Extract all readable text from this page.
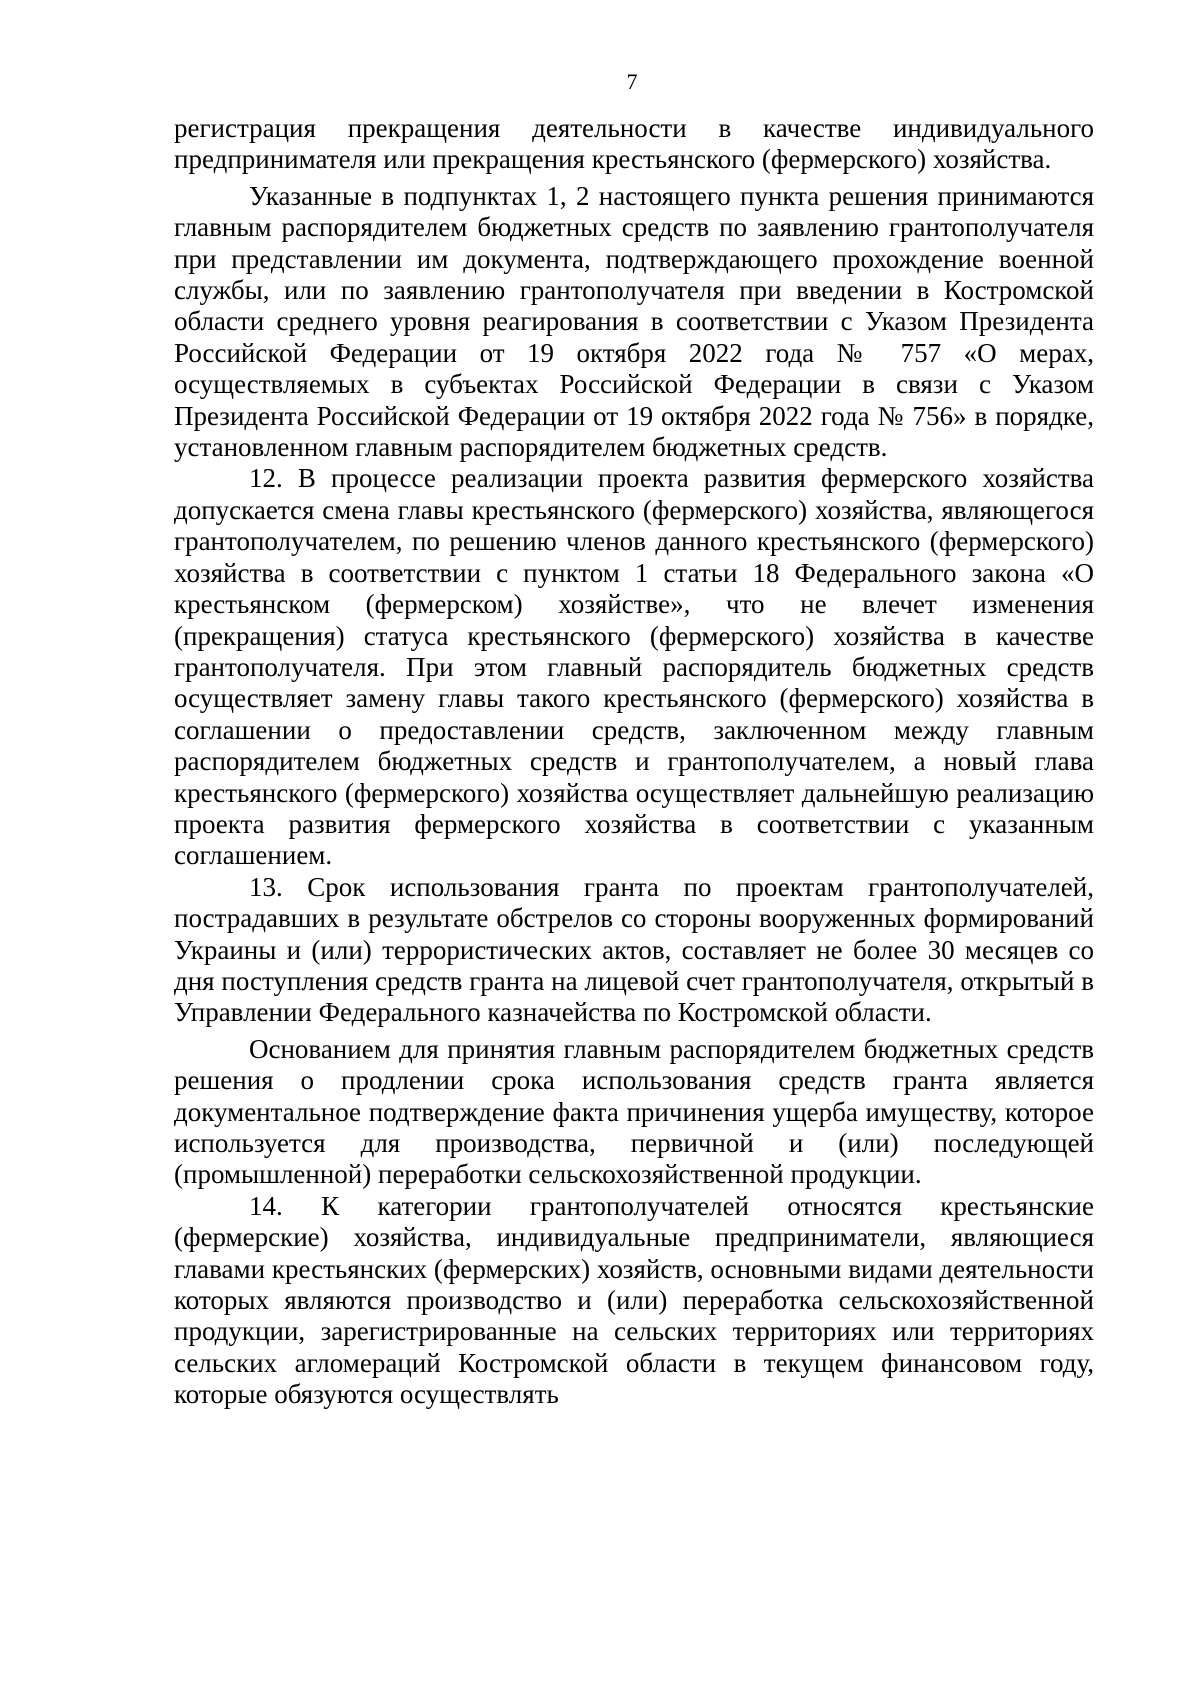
7

регистрация прекращения деятельности в качестве индивидуального предпринимателя или прекращения крестьянского (фермерского) хозяйства.

Указанные в подпунктах 1, 2 настоящего пункта решения принимаются главным распорядителем бюджетных средств по заявлению грантополучателя при представлении им документа, подтверждающего прохождение военной службы, или по заявлению грантополучателя при введении в Костромской области среднего уровня реагирования в соответствии с Указом Президента Российской Федерации от 19 октября 2022 года № 757 «О мерах, осуществляемых в субъектах Российской Федерации в связи с Указом Президента Российской Федерации от 19 октября 2022 года № 756» в порядке, установленном главным распорядителем бюджетных средств.

12. В процессе реализации проекта развития фермерского хозяйства допускается смена главы крестьянского (фермерского) хозяйства, являющегося грантополучателем, по решению членов данного крестьянского (фермерского) хозяйства в соответствии с пунктом 1 статьи 18 Федерального закона «О крестьянском (фермерском) хозяйстве», что не влечет изменения (прекращения) статуса крестьянского (фермерского) хозяйства в качестве грантополучателя. При этом главный распорядитель бюджетных средств осуществляет замену главы такого крестьянского (фермерского) хозяйства в соглашении о предоставлении средств, заключенном между главным распорядителем бюджетных средств и грантополучателем, а новый глава крестьянского (фермерского) хозяйства осуществляет дальнейшую реализацию проекта развития фермерского хозяйства в соответствии с указанным соглашением.

13. Срок использования гранта по проектам грантополучателей, пострадавших в результате обстрелов со стороны вооруженных формирований Украины и (или) террористических актов, составляет не более 30 месяцев со дня поступления средств гранта на лицевой счет грантополучателя, открытый в Управлении Федерального казначейства по Костромской области.

Основанием для принятия главным распорядителем бюджетных средств решения о продлении срока использования средств гранта является документальное подтверждение факта причинения ущерба имуществу, которое используется для производства, первичной и (или) последующей (промышленной) переработки сельскохозяйственной продукции.

14. К категории грантополучателей относятся крестьянские (фермерские) хозяйства, индивидуальные предприниматели, являющиеся главами крестьянских (фермерских) хозяйств, основными видами деятельности которых являются производство и (или) переработка сельскохозяйственной продукции, зарегистрированные на сельских территориях или территориях сельских агломераций Костромской области в текущем финансовом году, которые обязуются осуществлять
